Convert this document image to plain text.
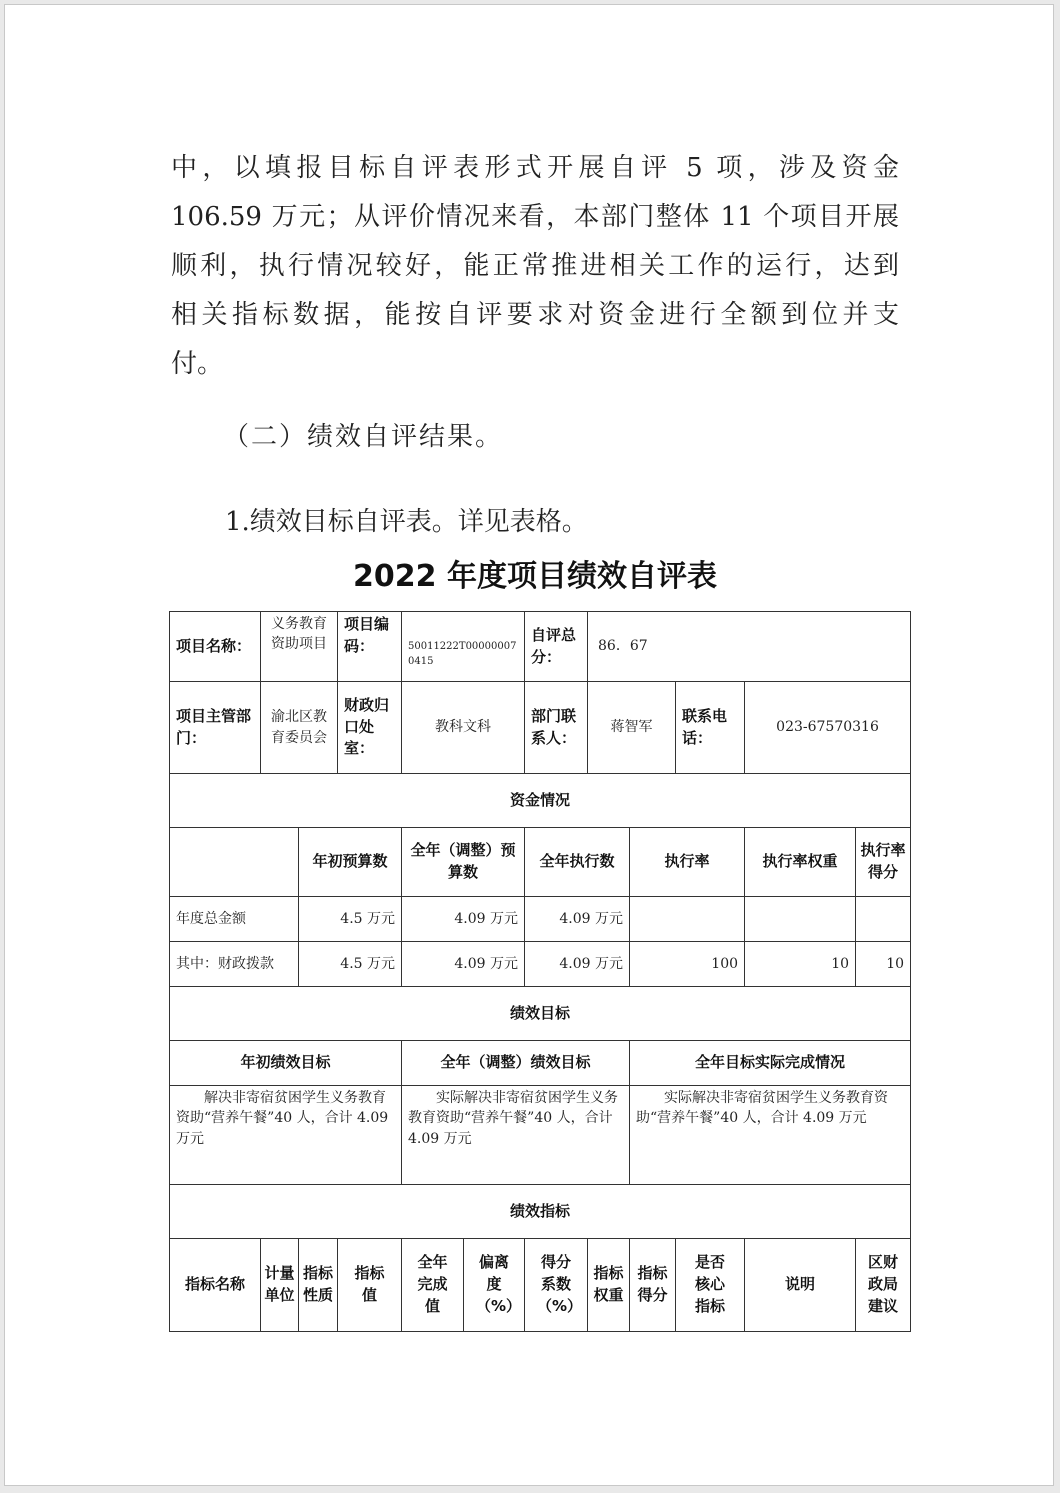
中，以填报目标自评表形式开展自评 5 项，涉及资金

106.59 万元；从评价情况来看，本部门整体 11 个项目开展

顺利，执行情况较好，能正常推进相关工作的运行，达到

相关指标数据，能按自评要求对资金进行全额到位并支

付。

（二）绩效自评结果。

1.绩效目标自评表。详见表格。

2022 年度项目绩效自评表
项目名称：	义务教育资助项目		项目编码：	50011222T000000070415		自评总分：	86．67				
项目主管部门：	渝北区教育委员会		财政归口处室：	教科文科		部门联系人：	蒋智军		联系电话：	023-67570316	
资金情况											
		年初预算数		全年（调整）预算数		全年执行数		执行率		执行率权重	执行率得分
年度总金额		4.5 万元		4.09 万元		4.09 万元					
其中：财政拨款		4.5 万元		4.09 万元		4.09 万元		100		10	10
绩效目标											
年初绩效目标				全年（调整）绩效目标				全年目标实际完成情况			
解决非寄宿贫困学生义务教育资助“营养午餐”40 人，合计 4.09 万元				实际解决非寄宿贫困学生义务教育资助“营养午餐”40 人，合计 4.09 万元				实际解决非寄宿贫困学生义务教育资助“营养午餐”40 人，合计 4.09 万元			
绩效指标											
指标名称	计量单位	指标性质	指标值	全年完成值	偏离度（%）	得分系数（%）	指标权重	指标得分	是否核心指标	说明	区财政局建议
